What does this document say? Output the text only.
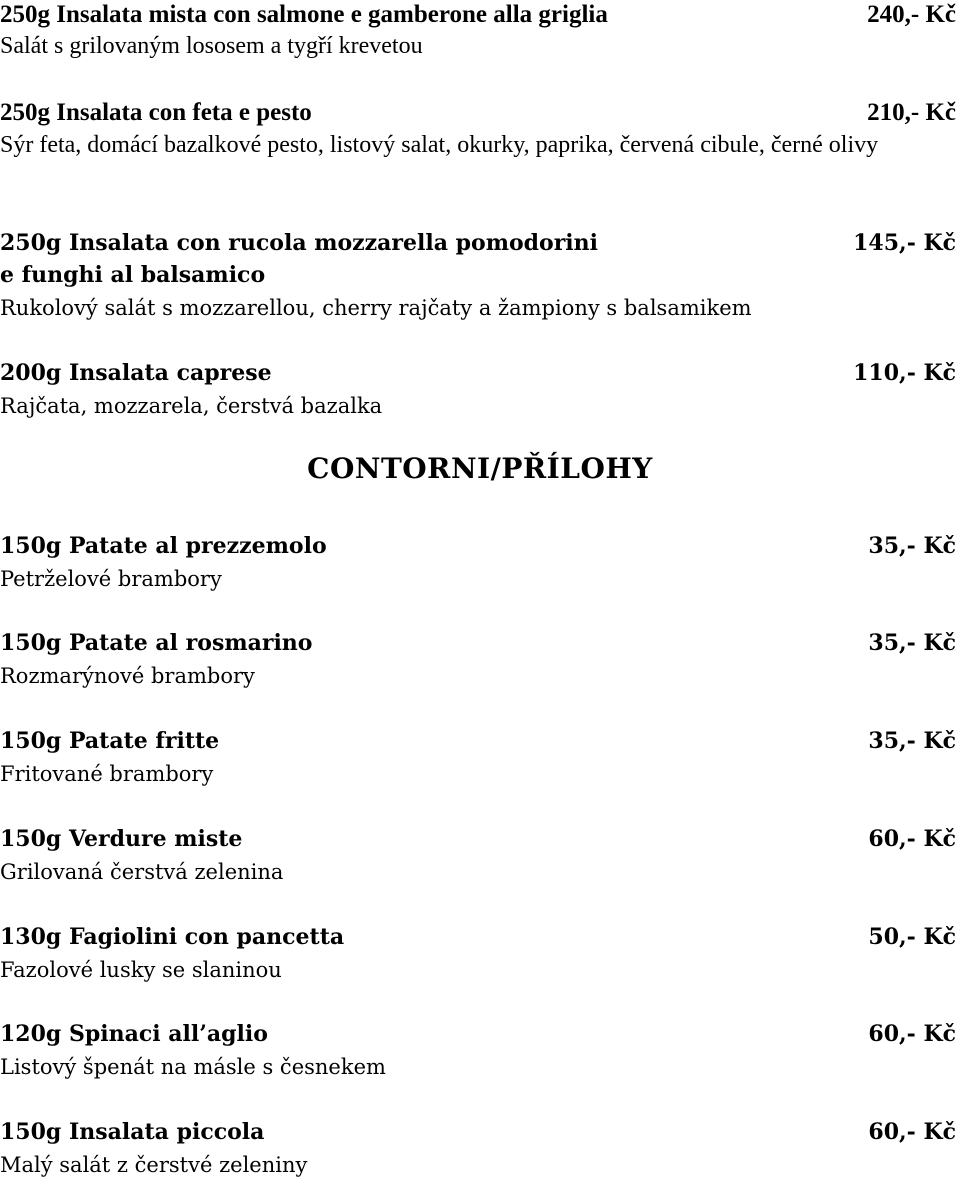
250g Insalata mista con salmone e gamberone alla griglia	240,- Kč
Salát s grilovaným lososem a tygří krevetou
250g Insalata con feta e pesto	210,- Kč
Sýr feta, domácí bazalkové pesto, listový salat, okurky, paprika, červená cibule, černé olivy
250g Insalata con rucola mozzarella pomodorini	145,- Kč
e funghi al balsamico
Rukolový salát s mozzarellou, cherry rajčaty a žampiony s balsamikem
200g Insalata caprese	110,- Kč
Rajčata, mozzarela, čerstvá bazalka
CONTORNI/PŘÍLOHY
150g Patate al prezzemolo	35,- Kč
Petrželové brambory
150g Patate al rosmarino	35,- Kč
Rozmarýnové brambory
150g Patate fritte	35,- Kč
Fritované brambory
150g Verdure miste	60,- Kč
Grilovaná čerstvá zelenina
130g Fagiolini con pancetta	50,- Kč
Fazolové lusky se slaninou
120g Spinaci all’aglio	60,- Kč
Listový špenát na másle s česnekem
150g Insalata piccola	60,- Kč
Malý salát z čerstvé zeleniny
